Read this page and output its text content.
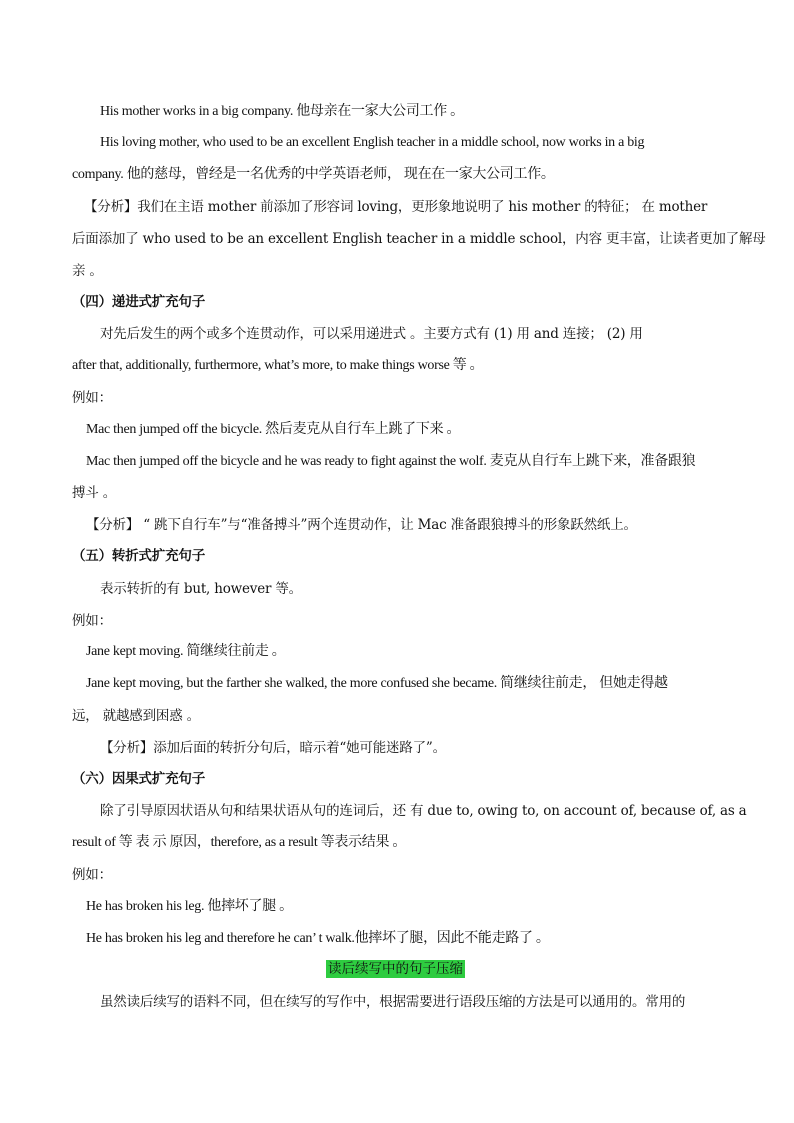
His mother works in a big company. 他母亲在一家大公司工作 。
His loving mother, who used to be an excellent English teacher in a middle school, now works in a big
company. 他的慈母，曾经是一名优秀的中学英语老师， 现在在一家大公司工作。
【分析】我们在主语 mother 前添加了形容词 loving，更形象地说明了 his mother 的特征； 在 mother
后面添加了 who used to be an excellent English teacher in a middle school，内容 更丰富，让读者更加了解母
亲 。
（四）递进式扩充句子
对先后发生的两个或多个连贯动作，可以采用递进式 。主要方式有 (1) 用 and 连接； (2) 用
after that, additionally, furthermore, what’s more, to make things worse 等 。
例如：
Mac then jumped off the bicycle. 然后麦克从自行车上跳了下来 。
Mac then jumped off the bicycle and he was ready to fight against the wolf. 麦克从自行车上跳下来，准备跟狼
搏斗 。
【分析】 “ 跳下自行车”与“准备搏斗”两个连贯动作，让 Mac 准备跟狼搏斗的形象跃然纸上。
（五）转折式扩充句子
表示转折的有 but, however 等。
例如：
Jane kept moving. 简继续往前走 。
Jane kept moving, but the farther she walked, the more confused she became. 简继续往前走， 但她走得越
远， 就越感到困惑 。
【分析】添加后面的转折分句后，暗示着“她可能迷路了”。
（六）因果式扩充句子
除了引导原因状语从句和结果状语从句的连词后，还 有 due to, owing to, on account of, because of, as a
result of 等 表 示 原因，therefore, as a result 等表示结果 。
例如：
He has broken his leg. 他摔坏了腿 。
He has broken his leg and therefore he can’ t walk.他摔坏了腿，因此不能走路了 。
读后续写中的句子压缩
虽然读后续写的语料不同，但在续写的写作中，根据需要进行语段压缩的方法是可以通用的。常用的
